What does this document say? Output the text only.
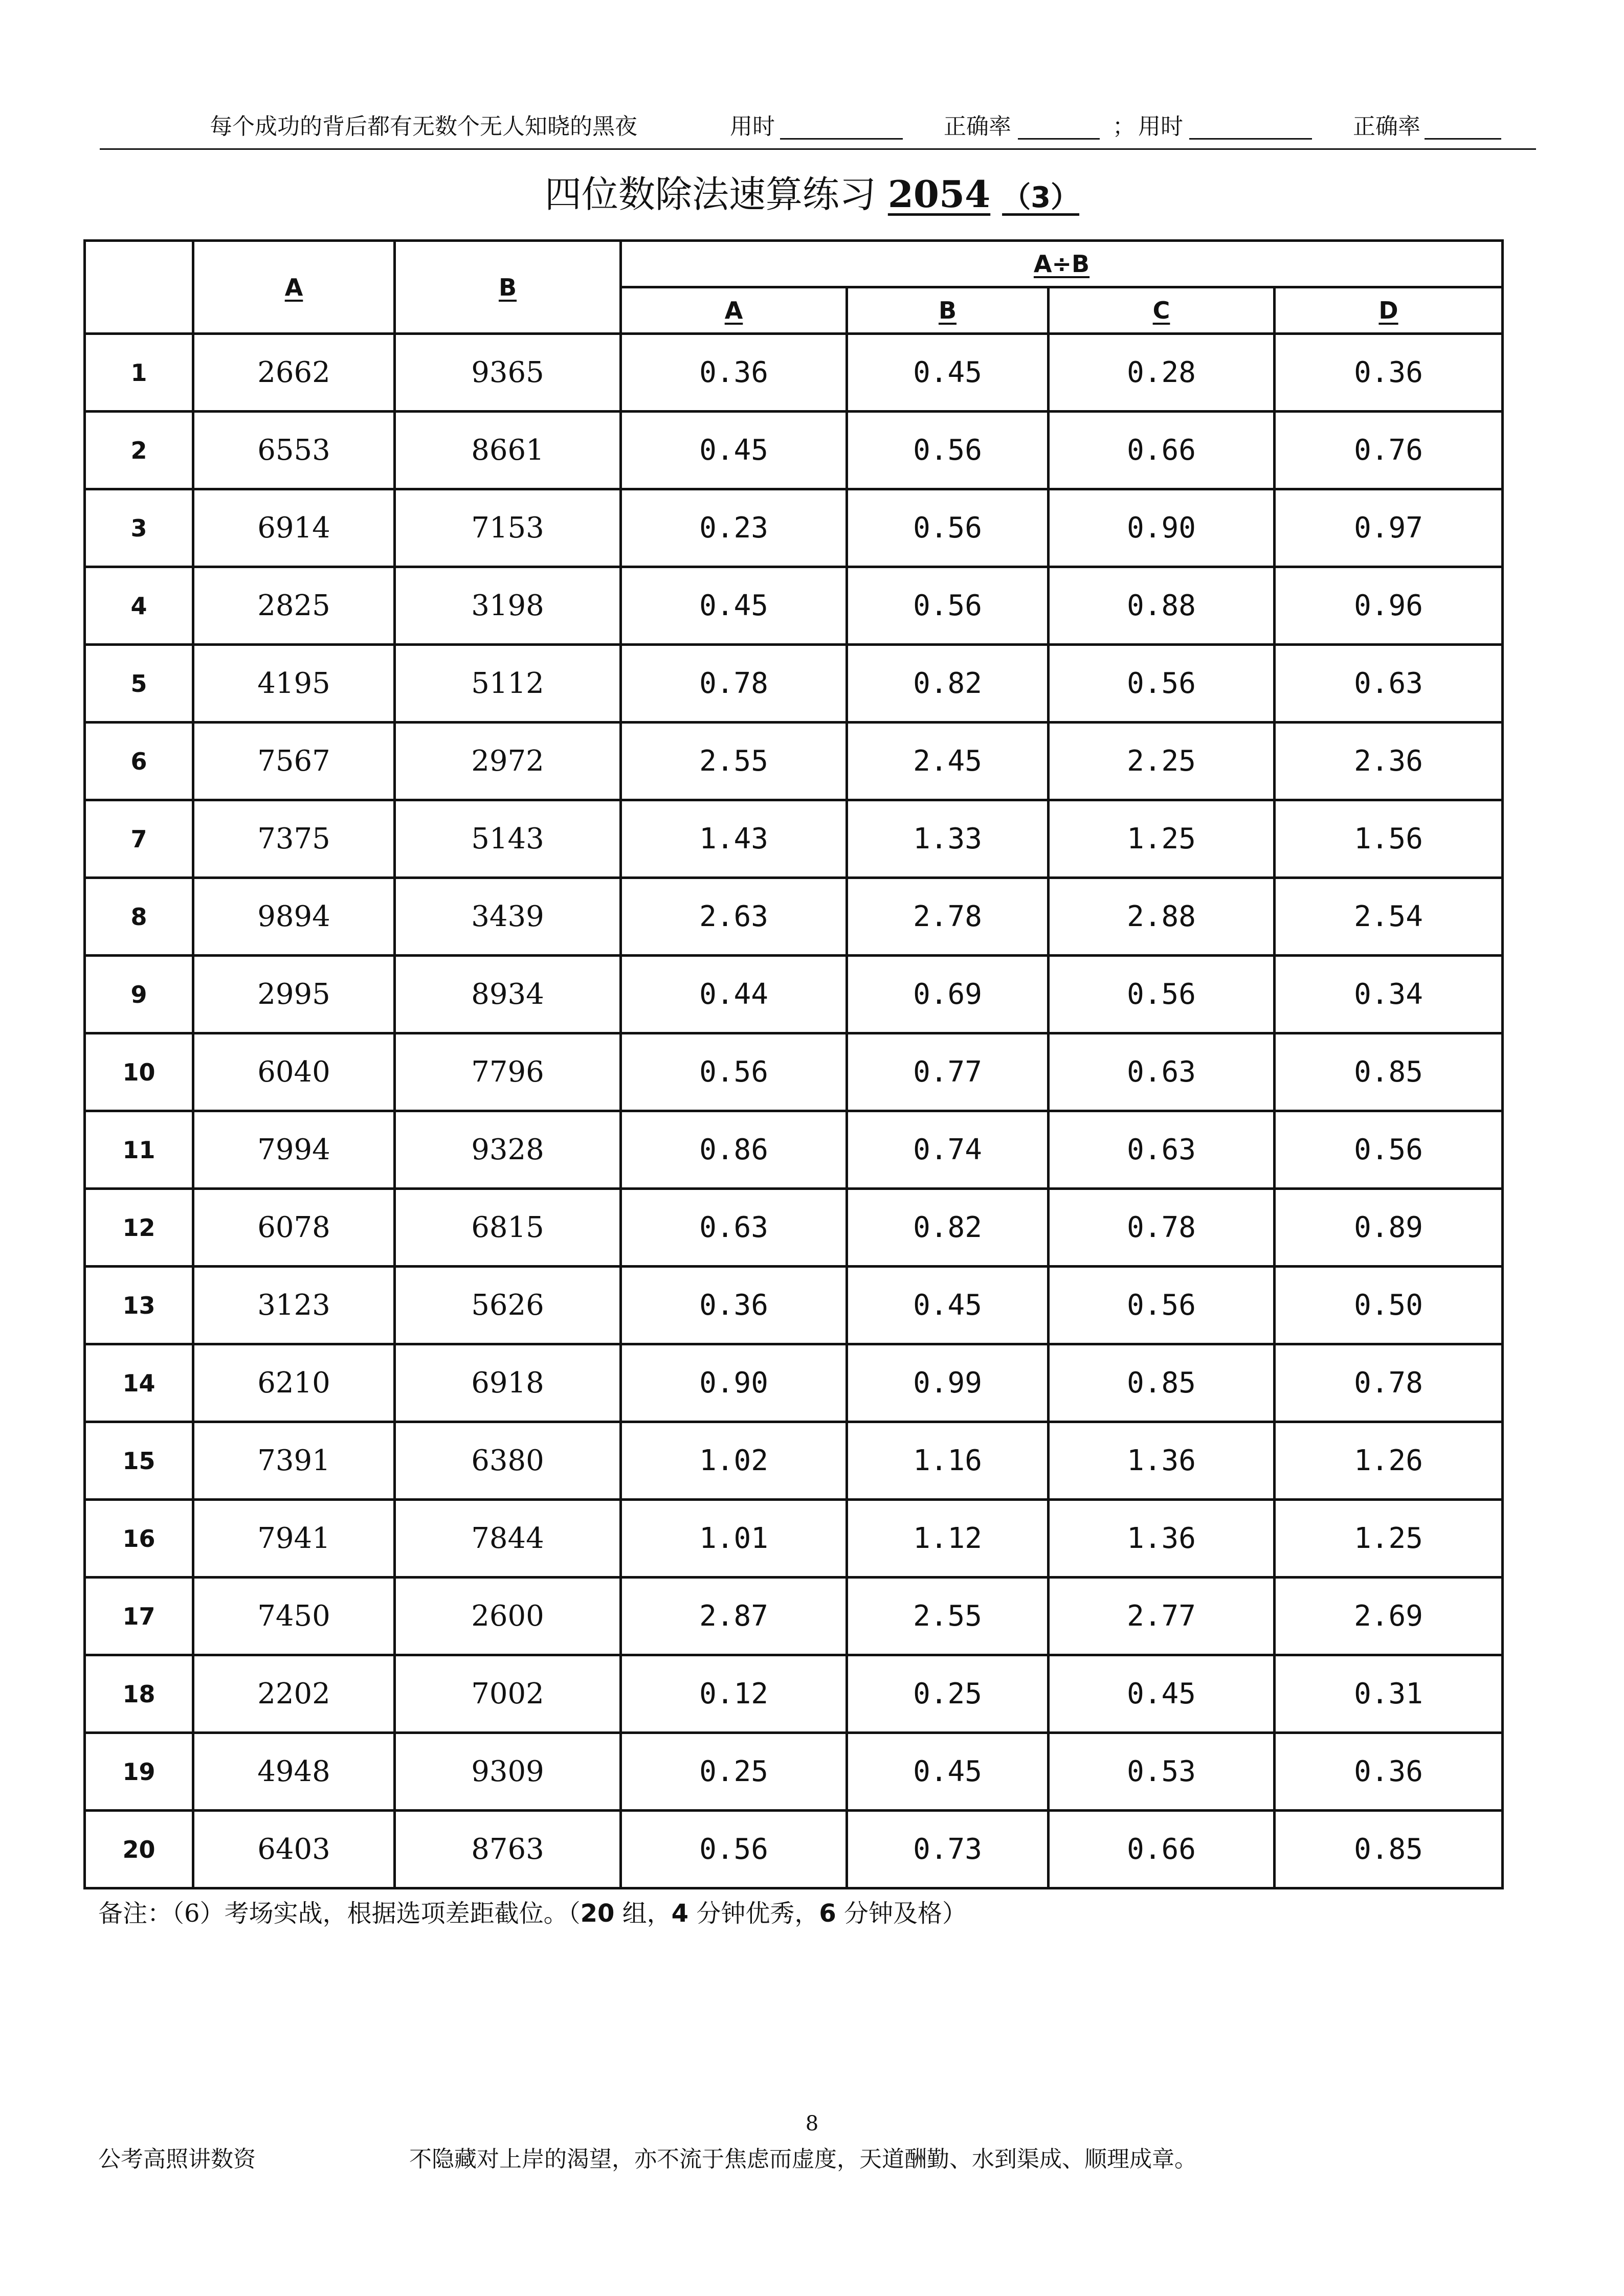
每个成功的背后都有无数个无人知晓的黑夜	用时	正确率	； 用时	正确率
四位数除法速算练习 2054 （3）
	A	B	A÷B			
			A	B	C	D
1	2662	9365	0.36	0.45	0.28	0.36
2	6553	8661	0.45	0.56	0.66	0.76
3	6914	7153	0.23	0.56	0.90	0.97
4	2825	3198	0.45	0.56	0.88	0.96
5	4195	5112	0.78	0.82	0.56	0.63
6	7567	2972	2.55	2.45	2.25	2.36
7	7375	5143	1.43	1.33	1.25	1.56
8	9894	3439	2.63	2.78	2.88	2.54
9	2995	8934	0.44	0.69	0.56	0.34
10	6040	7796	0.56	0.77	0.63	0.85
11	7994	9328	0.86	0.74	0.63	0.56
12	6078	6815	0.63	0.82	0.78	0.89
13	3123	5626	0.36	0.45	0.56	0.50
14	6210	6918	0.90	0.99	0.85	0.78
15	7391	6380	1.02	1.16	1.36	1.26
16	7941	7844	1.01	1.12	1.36	1.25
17	7450	2600	2.87	2.55	2.77	2.69
18	2202	7002	0.12	0.25	0.45	0.31
19	4948	9309	0.25	0.45	0.53	0.36
20	6403	8763	0.56	0.73	0.66	0.85
备注：（6）考场实战，根据选项差距截位。（20 组，4 分钟优秀，6 分钟及格）
8
公考高照讲数资	不隐藏对上岸的渴望，亦不流于焦虑而虚度，天道酬勤、水到渠成、顺理成章。
